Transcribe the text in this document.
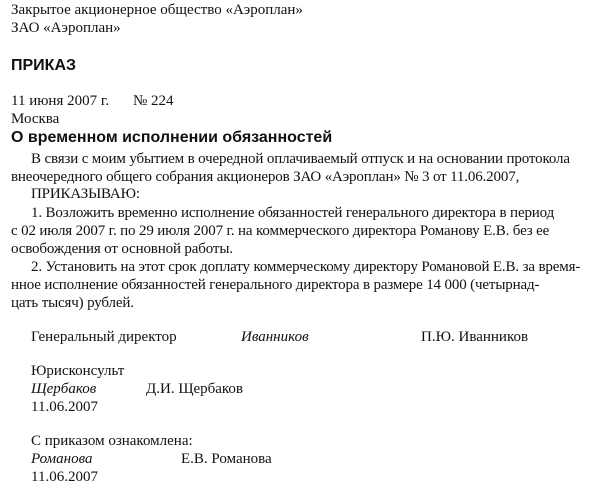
Закрытое акционерное общество «Аэроплан»
ЗАО «Аэроплан»
ПРИКАЗ
11 июня 2007 г. № 224
Москва
О временном исполнении обязанностей
В связи с моим убытием в очередной оплачиваемый отпуск и на основании протокола
внеочередного общего собрания акционеров ЗАО «Аэроплан» № 3 от 11.06.2007,
ПРИКАЗЫВАЮ:
1. Возложить временно исполнение обязанностей генерального директора в период
с 02 июля 2007 г. по 29 июля 2007 г. на коммерческого директора Романову Е.В. без ее
освобождения от основной работы.
2. Установить на этот срок доплату коммерческому директору Романовой Е.В. за время-
нное исполнение обязанностей генерального директора в размере 14 000 (четырнад-
цать тысяч) рублей.
Генеральный директор	Иванников	П.Ю. Иванников
Юрисконсульт
Щербаков	Д.И. Щербаков
11.06.2007
С приказом ознакомлена:
Романова	Е.В. Романова
11.06.2007
